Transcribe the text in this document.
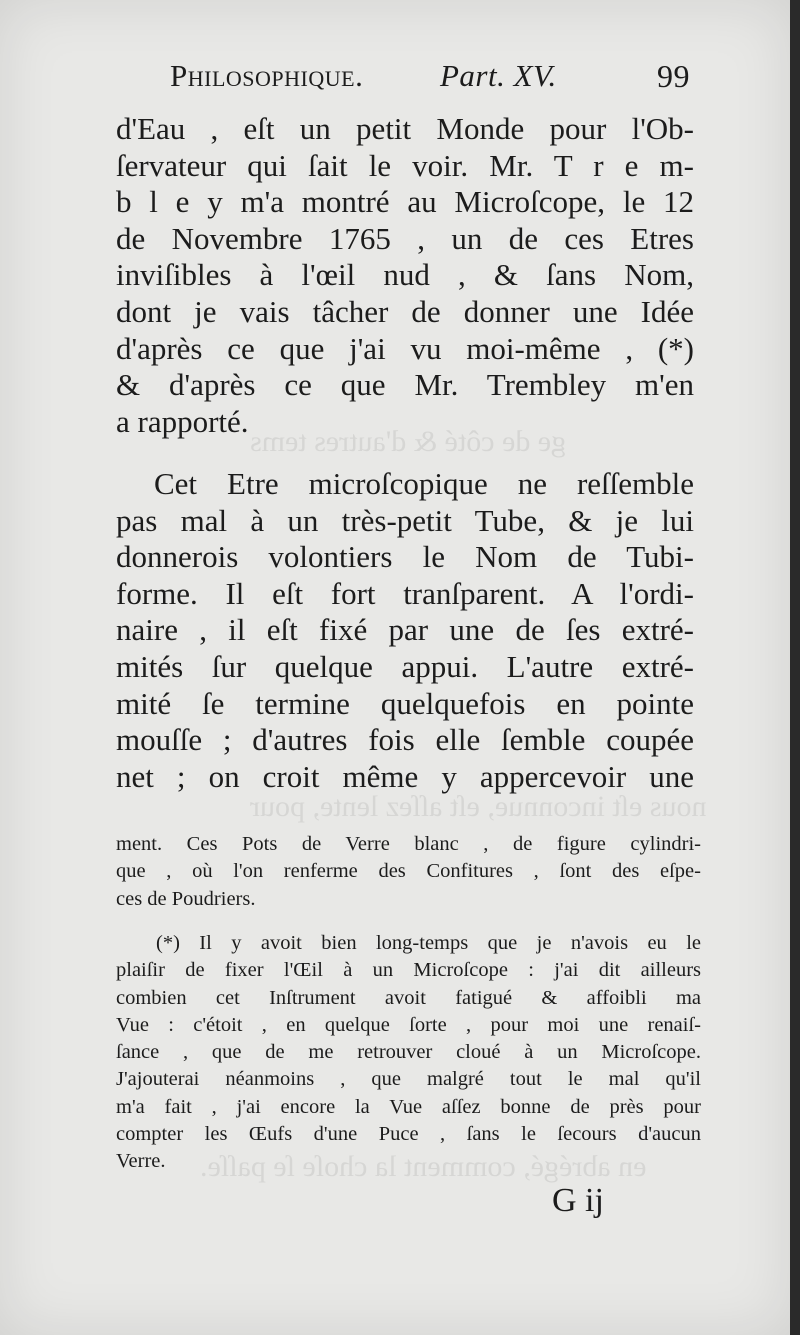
ge de côté & d'autres tems
nous eſt inconnue, eſt aſſez lente, pour
en abrégé, comment la choſe ſe paſſe.
Philosophique. Part. XV.	99
d'Eau , eſt un petit Monde pour l'Ob-
ſervateur qui ſait le voir. Mr. T r e m-
b l e y m'a montré au Microſcope, le 12
de Novembre 1765 , un de ces Etres
inviſibles à l'œil nud , & ſans Nom,
dont je vais tâcher de donner une Idée
d'après ce que j'ai vu moi-même , (*)
& d'après ce que Mr. Trembley m'en
a rapporté.
Cet Etre microſcopique ne reſſemble
pas mal à un très-petit Tube, & je lui
donnerois volontiers le Nom de Tubi-
forme. Il eſt fort tranſparent. A l'ordi-
naire , il eſt fixé par une de ſes extré-
mités ſur quelque appui. L'autre extré-
mité ſe termine quelquefois en pointe
mouſſe ; d'autres fois elle ſemble coupée
net ; on croit même y appercevoir une
ment. Ces Pots de Verre blanc , de figure cylindri-
que , où l'on renferme des Confitures , ſont des eſpe-
ces de Poudriers.
(*) Il y avoit bien long-temps que je n'avois eu le
plaiſir de fixer l'Œil à un Microſcope : j'ai dit ailleurs
combien cet Inſtrument avoit fatigué & affoibli ma
Vue : c'étoit , en quelque ſorte , pour moi une renaiſ-
ſance , que de me retrouver cloué à un Microſcope.
J'ajouterai néanmoins , que malgré tout le mal qu'il
m'a fait , j'ai encore la Vue aſſez bonne de près pour
compter les Œufs d'une Puce , ſans le ſecours d'aucun
Verre.
G ij
